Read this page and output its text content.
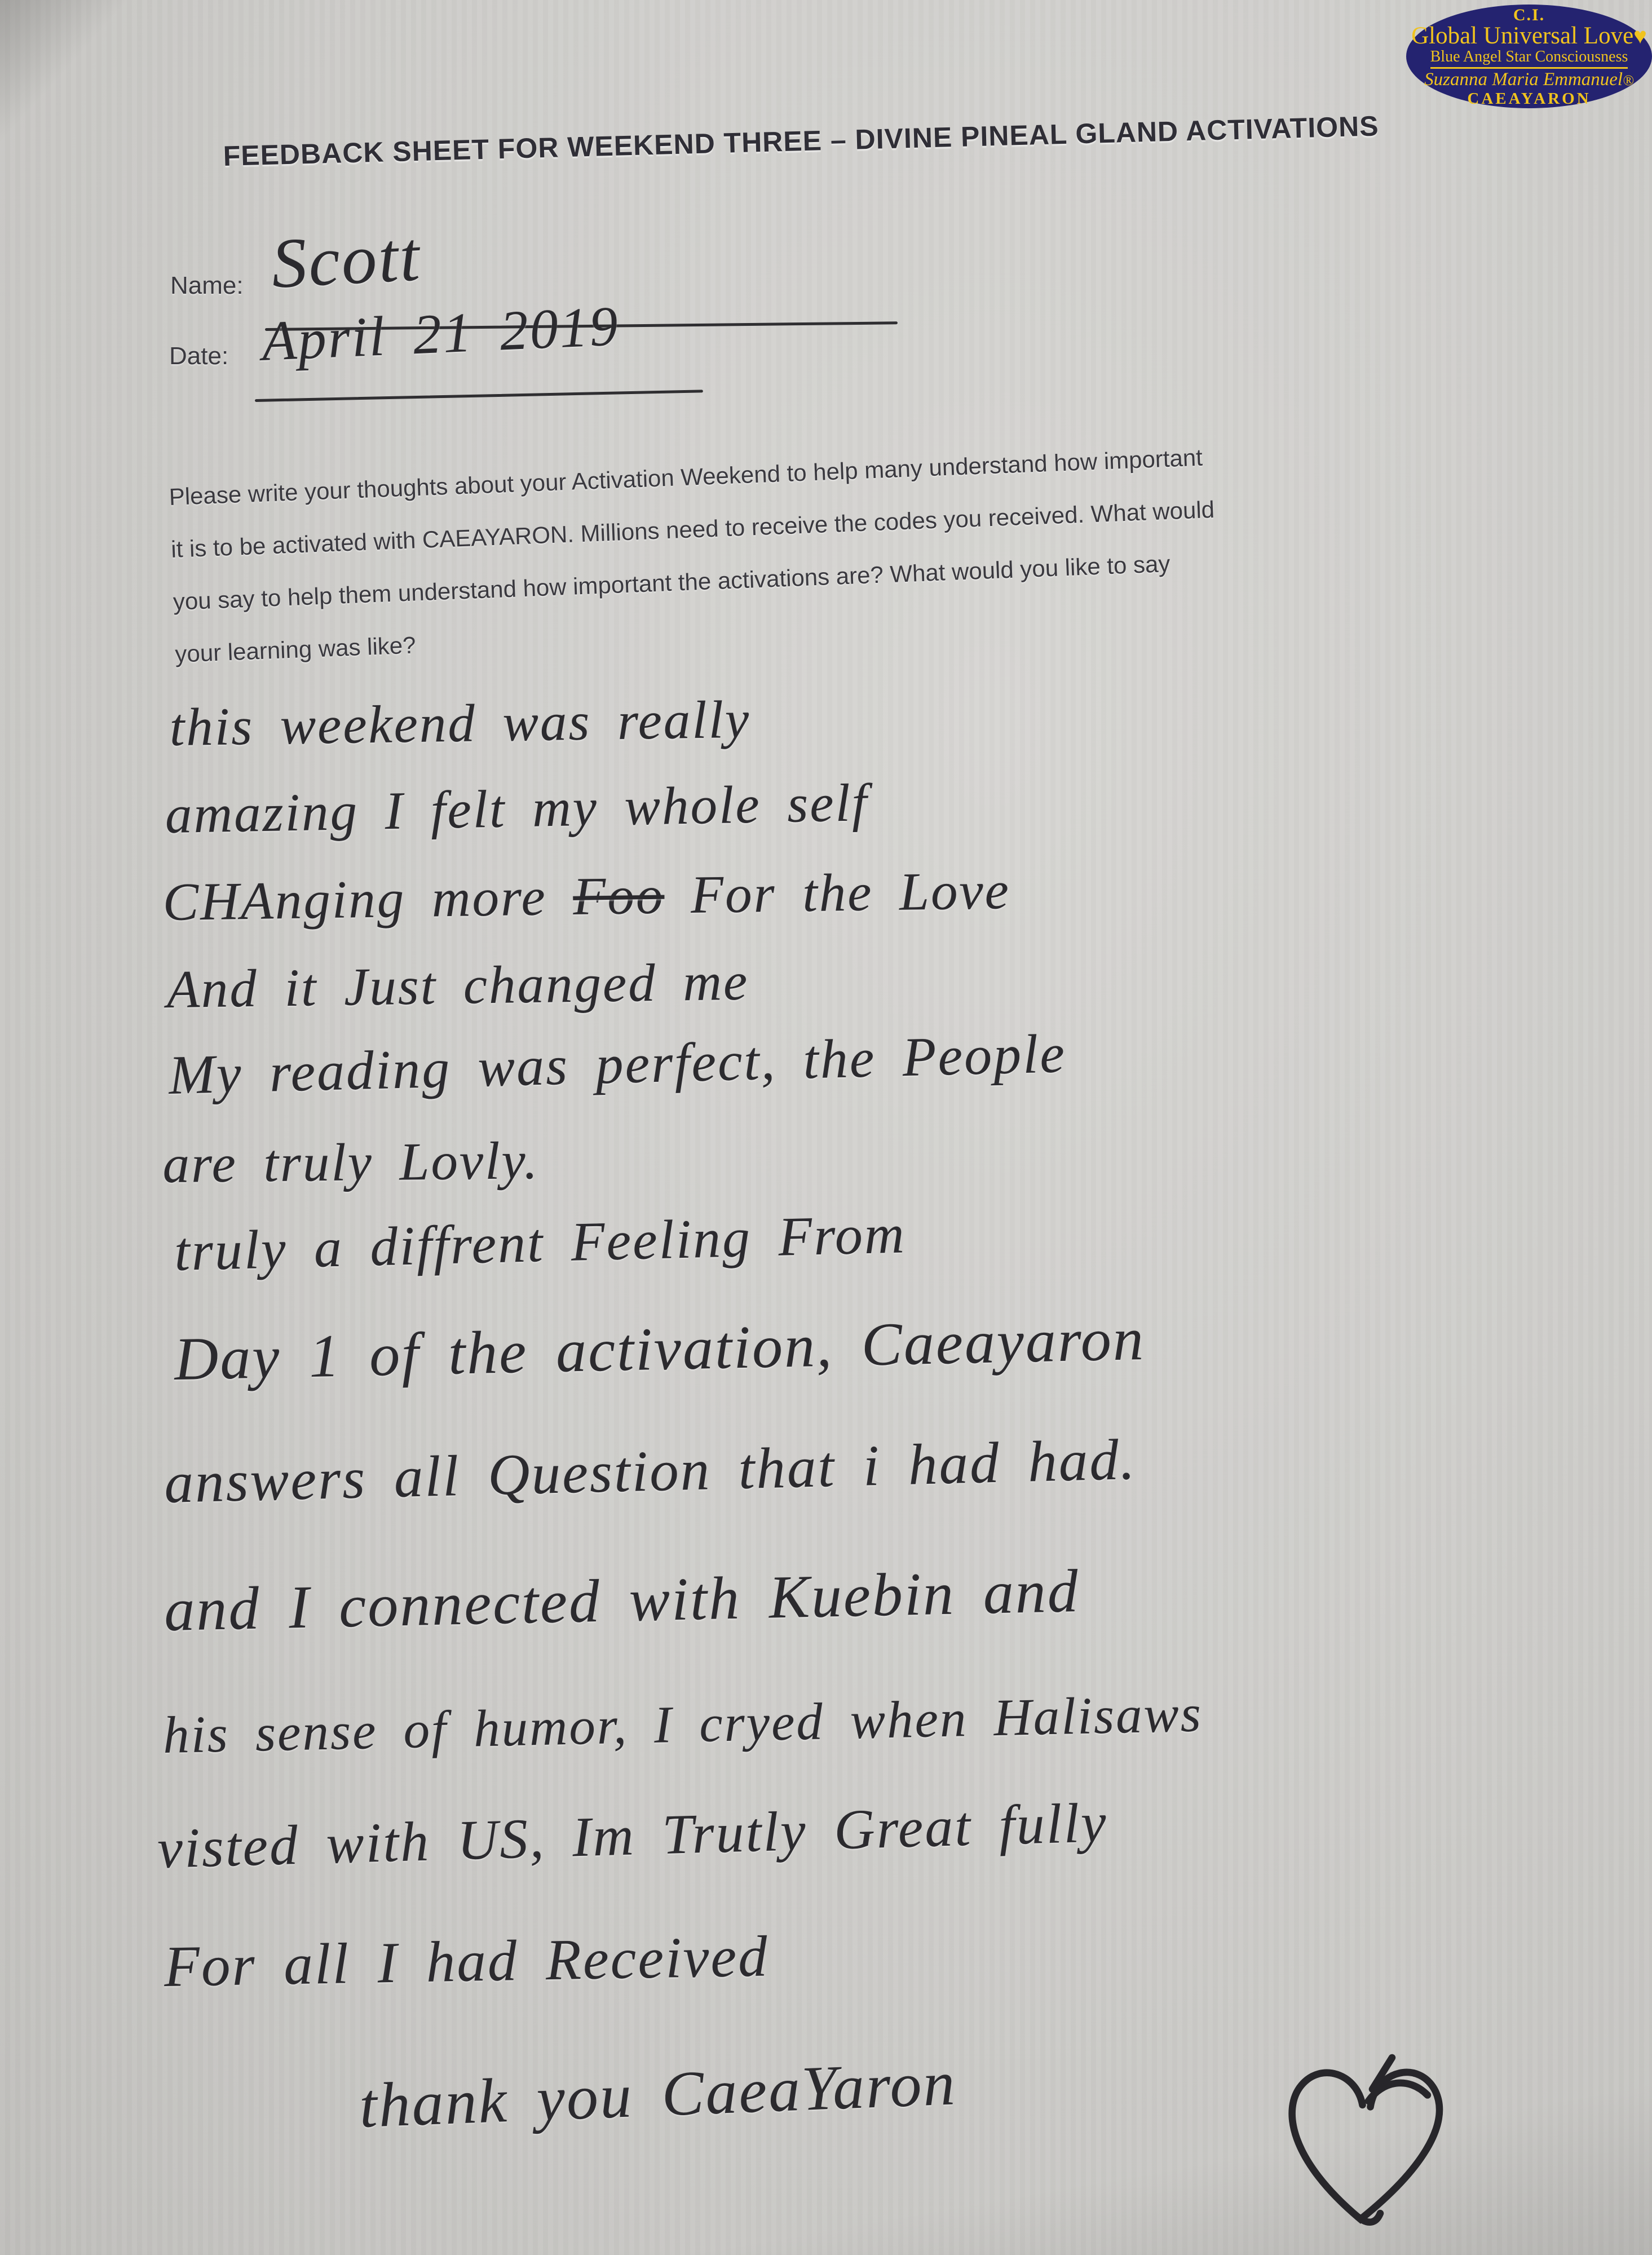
C.I.
Global Universal Love♥
Blue Angel Star Consciousness
Suzanna Maria Emmanuel®
CAEAYARON
FEEDBACK SHEET FOR WEEKEND THREE – DIVINE PINEAL GLAND ACTIVATIONS
Name: Scott
Date: April 21 2019
Please write your thoughts about your Activation Weekend to help many understand how important
it is to be activated with CAEAYARON. Millions need to receive the codes you received. What would
you say to help them understand how important the activations are? What would you like to say
your learning was like?
this weekend was really
amazing I felt my whole self
CHAnging more Foo For the Love
And it Just changed me
My reading was perfect, the People
are truly Lovly.
truly a diffrent Feeling From
Day 1 of the activation, Caeayaron
answers all Question that i had had.
and I connected with Kuebin and
his sense of humor, I cryed when Halisaws
visted with US, Im Trutly Great fully
For all I had Received
thank you CaeaYaron
